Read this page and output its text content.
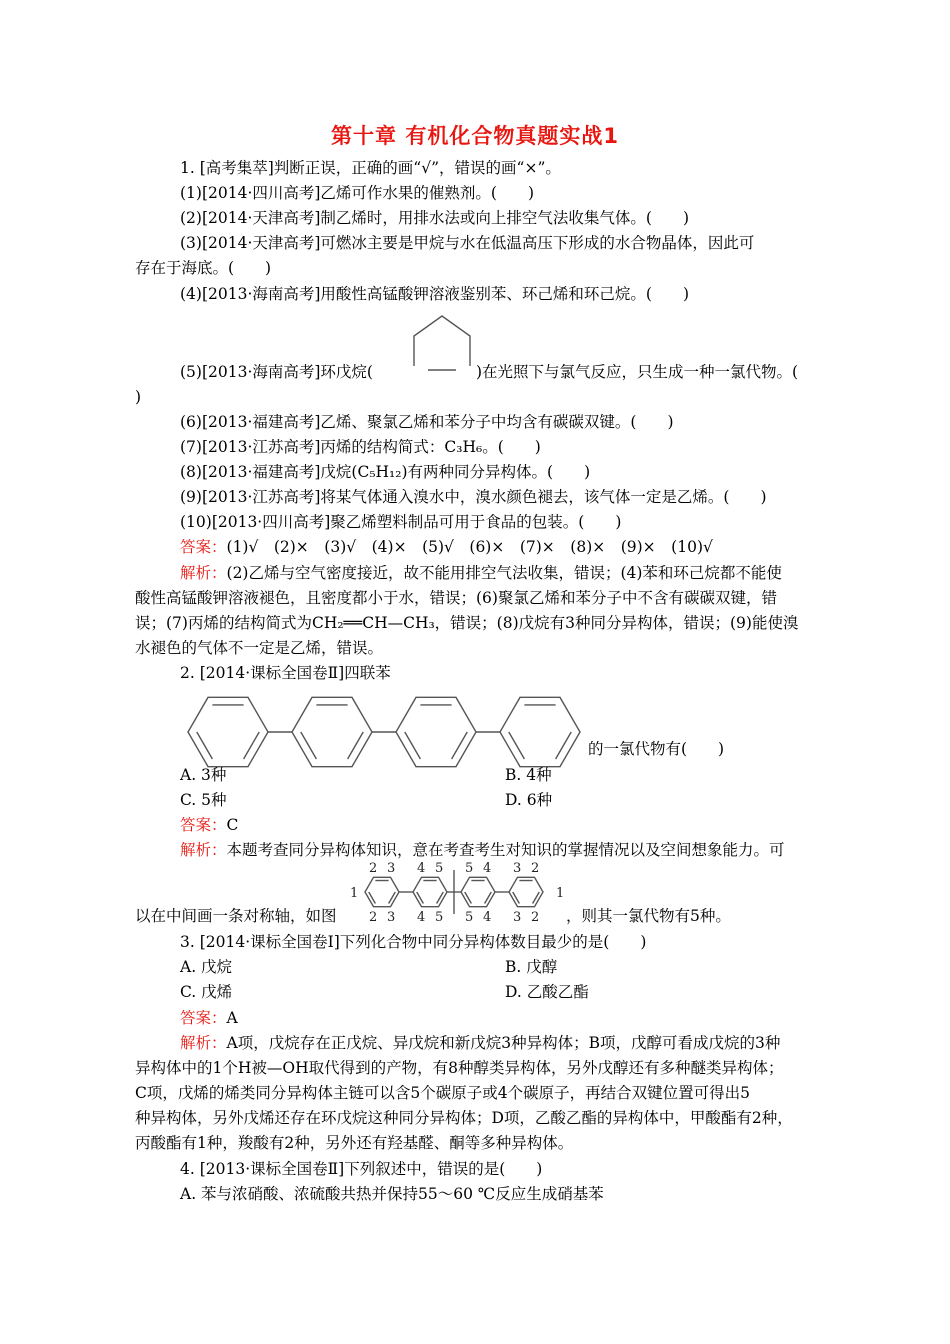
第十章 有机化合物真题实战1
1. [高考集萃]判断正误，正确的画“√”，错误的画“×”。
(1)[2014·四川高考]乙烯可作水果的催熟剂。(　　)
(2)[2014·天津高考]制乙烯时，用排水法或向上排空气法收集气体。(　　)
(3)[2014·天津高考]可燃冰主要是甲烷与水在低温高压下形成的水合物晶体，因此可
存在于海底。(　　)
(4)[2013·海南高考]用酸性高锰酸钾溶液鉴别苯、环己烯和环己烷。(　　)
(5)[2013·海南高考]环戊烷(	)在光照下与氯气反应，只生成一种一氯代物。(
)
(6)[2013·福建高考]乙烯、聚氯乙烯和苯分子中均含有碳碳双键。(　　)
(7)[2013·江苏高考]丙烯的结构简式：C₃H₆。(　　)
(8)[2013·福建高考]戊烷(C₅H₁₂)有两种同分异构体。(　　)
(9)[2013·江苏高考]将某气体通入溴水中，溴水颜色褪去，该气体一定是乙烯。(　　)
(10)[2013·四川高考]聚乙烯塑料制品可用于食品的包装。(　　)
答案：(1)√　(2)×　(3)√　(4)×　(5)√　(6)×　(7)×　(8)×　(9)×　(10)√
解析：(2)乙烯与空气密度接近，故不能用排空气法收集，错误；(4)苯和环己烷都不能使
酸性高锰酸钾溶液褪色，且密度都小于水，错误；(6)聚氯乙烯和苯分子中不含有碳碳双键，错
误；(7)丙烯的结构简式为CH₂══CH—CH₃，错误；(8)戊烷有3种同分异构体，错误；(9)能使溴
水褪色的气体不一定是乙烯，错误。
2. [2014·课标全国卷Ⅱ]四联苯
的一氯代物有(　　)
A. 3种	B. 4种
C. 5种	D. 6种
答案：C
解析：本题考查同分异构体知识，意在考查考生对知识的掌握情况以及空间想象能力。可
以在中间画一条对称轴，如图
1	1
2 3 4 5 5 4 3 2
2 3 4 5 5 4 3 2 ，则其一氯代物有5种。
3. [2014·课标全国卷Ⅰ]下列化合物中同分异构体数目最少的是(　　)
A. 戊烷	B. 戊醇
C. 戊烯	D. 乙酸乙酯
答案：A
解析：A项，戊烷存在正戊烷、异戊烷和新戊烷3种异构体；B项，戊醇可看成戊烷的3种
异构体中的1个H被—OH取代得到的产物，有8种醇类异构体，另外戊醇还有多种醚类异构体；
C项，戊烯的烯类同分异构体主链可以含5个碳原子或4个碳原子，再结合双键位置可得出5
种异构体，另外戊烯还存在环戊烷这种同分异构体；D项，乙酸乙酯的异构体中，甲酸酯有2种，
丙酸酯有1种，羧酸有2种，另外还有羟基醛、酮等多种异构体。
4. [2013·课标全国卷Ⅱ]下列叙述中，错误的是(　　)
A. 苯与浓硝酸、浓硫酸共热并保持55～60 ℃反应生成硝基苯
